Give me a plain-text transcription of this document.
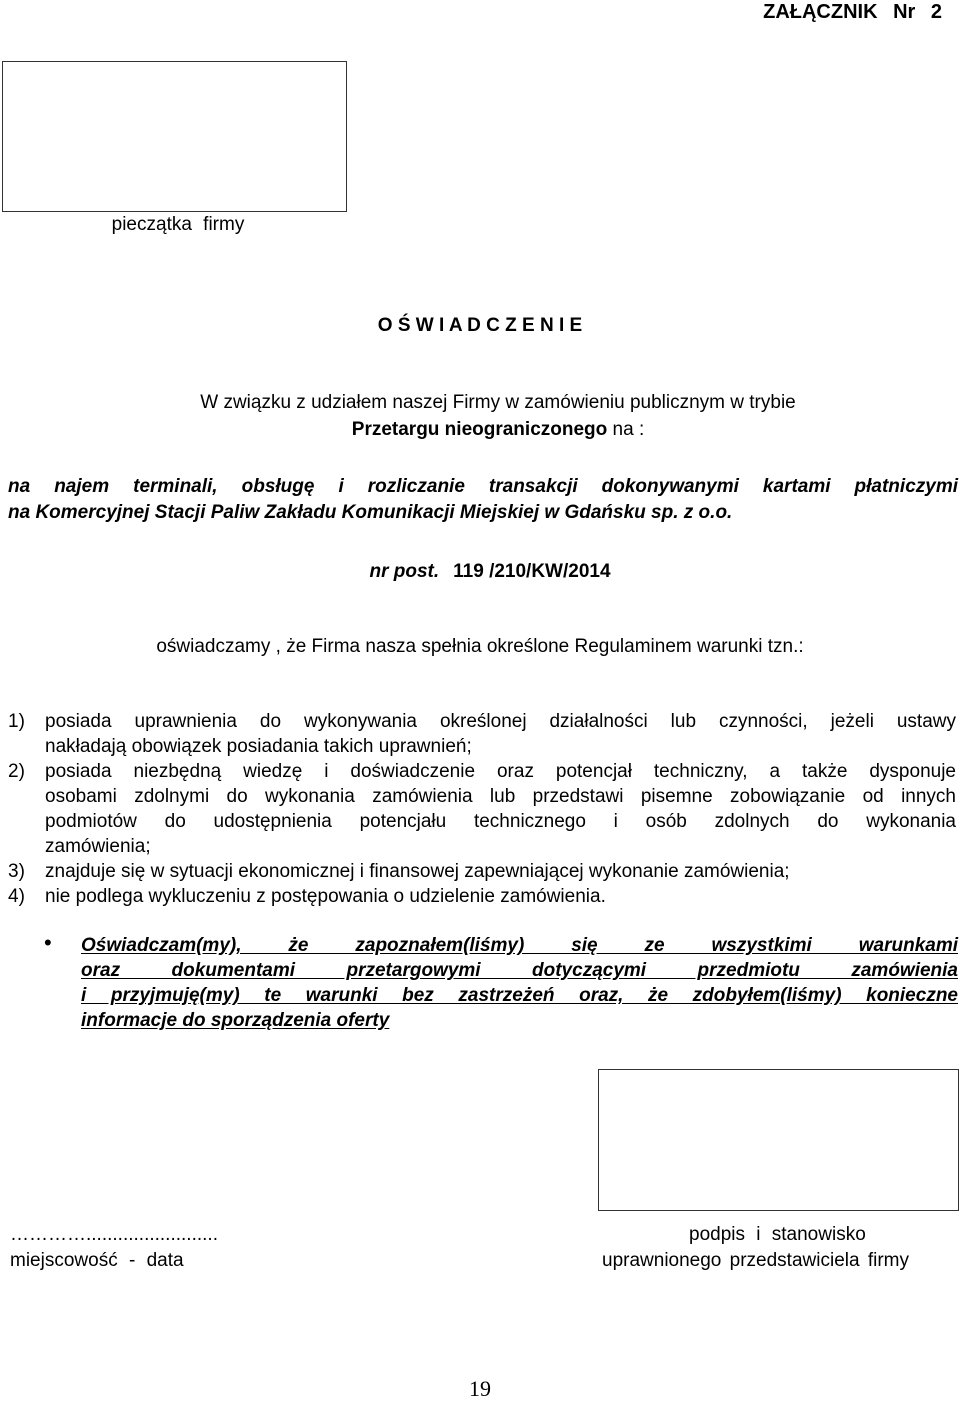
ZAŁĄCZNIK Nr 2
pieczątka firmy
O Ś W I A D C Z E N I E
W związku z udziałem naszej Firmy w zamówieniu publicznym w trybie
Przetargu nieograniczonego na :
na najem terminali, obsługę i rozliczanie transakcji dokonywanymi kartami płatniczymi
na Komercyjnej Stacji Paliw Zakładu Komunikacji Miejskiej w Gdańsku sp. z o.o.
nr post. 119 /210/KW/2014
oświadczamy , że Firma nasza spełnia określone Regulaminem warunki tzn.:
1) posiada uprawnienia do wykonywania określonej działalności lub czynności, jeżeli ustawy
nakładają obowiązek posiadania takich uprawnień;
2) posiada niezbędną wiedzę i doświadczenie oraz potencjał techniczny, a także dysponuje
osobami zdolnymi do wykonania zamówienia lub przedstawi pisemne zobowiązanie od innych
podmiotów do udostępnienia potencjału technicznego i osób zdolnych do wykonania
zamówienia;
3) znajduje się w sytuacji ekonomicznej i finansowej zapewniającej wykonanie zamówienia;
4) nie podlega wykluczeniu z postępowania o udzielenie zamówienia.
• Oświadczam(my), że zapoznałem(liśmy) się ze wszystkimi warunkami
oraz dokumentami przetargowymi dotyczącymi przedmiotu zamówienia
i przyjmuję(my) te warunki bez zastrzeżeń oraz, że zdobyłem(liśmy) konieczne
informacje do sporządzenia oferty
………….........................
miejscowość - data
podpis i stanowisko
uprawnionego przedstawiciela firmy
19
